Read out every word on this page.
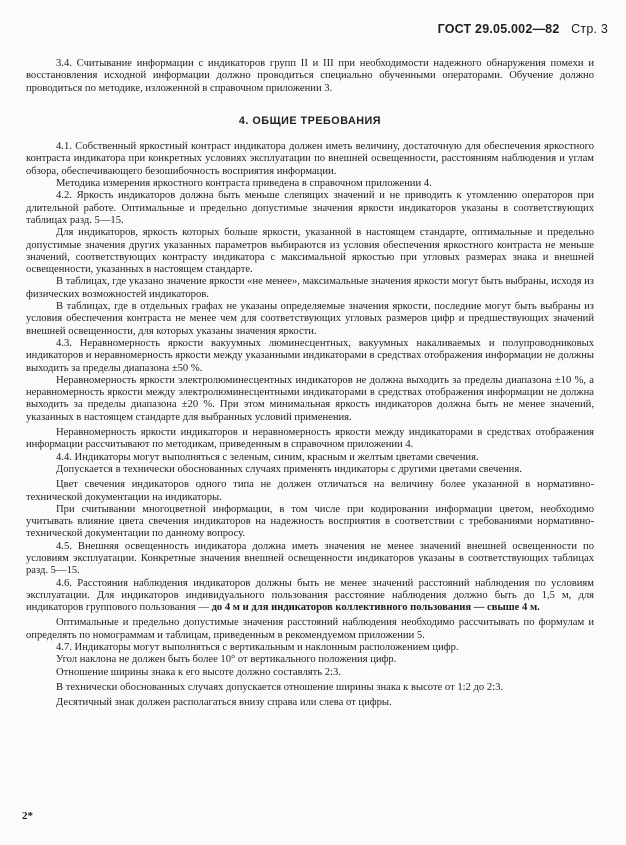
ГОСТ 29.05.002—82 Стр. 3

3.4. Считывание информации с индикаторов групп II и III при необходимости надежного обнаружения помехи и восстановления исходной информации должно проводиться специально обученными операторами. Обучение должно проводиться по методике, изложенной в справочном приложении 3.

4. ОБЩИЕ ТРЕБОВАНИЯ

4.1. Собственный яркостный контраст индикатора должен иметь величину, достаточную для обеспечения яркостного контраста индикатора при конкретных условиях эксплуатации по внешней освещенности, расстояниям наблюдения и углам обзора, обеспечивающего безошибочность восприятия информации.

Методика измерения яркостного контраста приведена в справочном приложении 4.

4.2. Яркость индикаторов должна быть меньше слепящих значений и не приводить к утомлению операторов при длительной работе. Оптимальные и предельно допустимые значения яркости индикаторов указаны в соответствующих таблицах разд. 5—15.

Для индикаторов, яркость которых больше яркости, указанной в настоящем стандарте, оптимальные и предельно допустимые значения других указанных параметров выбираются из условия обеспечения яркостного контраста не меньше значений, соответствующих контрасту индикатора с максимальной яркостью при угловых размерах знака и внешней освещенности, указанных в настоящем стандарте.

В таблицах, где указано значение яркости «не менее», максимальные значения яркости могут быть выбраны, исходя из физических возможностей индикаторов.

В таблицах, где в отдельных графах не указаны определяемые значения яркости, последние могут быть выбраны из условия обеспечения контраста не менее чем для соответствующих угловых размеров цифр и предшествующих значений внешней освещенности, для которых указаны значения яркости.

4.3. Неравномерность яркости вакуумных люминесцентных, вакуумных накаливаемых и полупроводниковых индикаторов и неравномерность яркости между указанными индикаторами в средствах отображения информации не должны выходить за пределы диапазона ±50 %.

Неравномерность яркости электролюминесцентных индикаторов не должна выходить за пределы диапазона ±10 %, а неравномерность яркости между электролюминесцентными индикаторами в средствах отображения информации не должна выходить за пределы диапазона ±20 %. При этом минимальная яркость индикаторов должна быть не менее значений, указанных в настоящем стандарте для выбранных условий применения.

Неравномерность яркости индикаторов и неравномерность яркости между индикаторами в средствах отображения информации рассчитывают по методикам, приведенным в справочном приложении 4.

4.4. Индикаторы могут выполняться с зеленым, синим, красным и желтым цветами свечения.

Допускается в технически обоснованных случаях применять индикаторы с другими цветами свечения.

Цвет свечения индикаторов одного типа не должен отличаться на величину более указанной в нормативно-технической документации на индикаторы.

При считывании многоцветной информации, в том числе при кодировании информации цветом, необходимо учитывать влияние цвета свечения индикаторов на надежность восприятия в соответствии с требованиями нормативно-технической документации по данному вопросу.

4.5. Внешняя освещенность индикатора должна иметь значения не менее значений внешней освещенности по условиям эксплуатации. Конкретные значения внешней освещенности индикаторов указаны в соответствующих таблицах разд. 5—15.

4.6. Расстояния наблюдения индикаторов должны быть не менее значений расстояний наблюдения по условиям эксплуатации. Для индикаторов индивидуального пользования расстояние наблюдения должно быть до 1,5 м, для индикаторов группового пользования — до 4 м и для индикаторов коллективного пользования — свыше 4 м.

Оптимальные и предельно допустимые значения расстояний наблюдения необходимо рассчитывать по формулам и определять по номограммам и таблицам, приведенным в рекомендуемом приложении 5.

4.7. Индикаторы могут выполняться с вертикальным и наклонным расположением цифр.

Угол наклона не должен быть более 10° от вертикального положения цифр.

Отношение ширины знака к его высоте должно составлять 2:3.

В технически обоснованных случаях допускается отношение ширины знака к высоте от 1:2 до 2:3.

Десятичный знак должен располагаться внизу справа или слева от цифры.

2*
